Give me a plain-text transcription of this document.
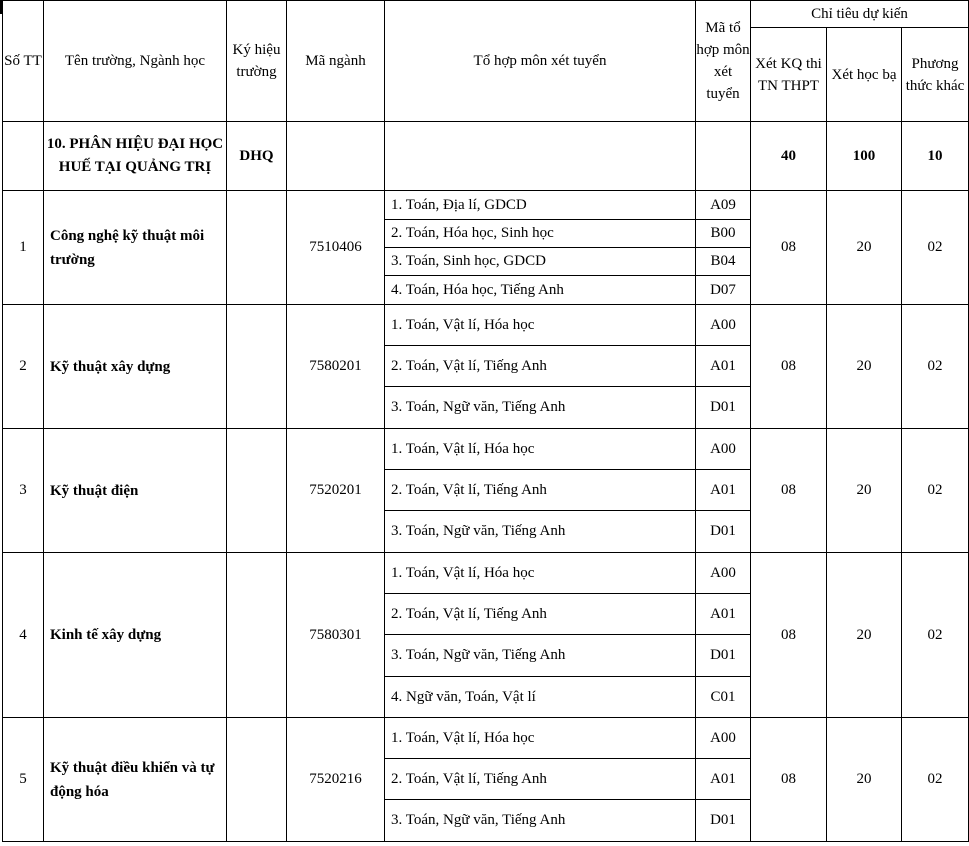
Số TT	Tên trường, Ngành học	Ký hiệu trường	Mã ngành	Tổ hợp môn xét tuyển	Mã tổ hợp môn xét tuyển	Chỉ tiêu dự kiến		
						Xét KQ thi TN THPT	Xét học bạ	Phương thức khác
	10. PHÂN HIỆU ĐẠI HỌC HUẾ TẠI QUẢNG TRỊ	DHQ				40	100	10
1	Công nghệ kỹ thuật môi trường		7510406	1. Toán, Địa lí, GDCD	A09	08	20	02
				2. Toán, Hóa học, Sinh học	B00			
				3. Toán, Sinh học, GDCD	B04			
				4. Toán, Hóa học, Tiếng Anh	D07			
2	Kỹ thuật xây dựng		7580201	1. Toán, Vật lí, Hóa học	A00	08	20	02
				2. Toán, Vật lí, Tiếng Anh	A01			
				3. Toán, Ngữ văn, Tiếng Anh	D01			
3	Kỹ thuật điện		7520201	1. Toán, Vật lí, Hóa học	A00	08	20	02
				2. Toán, Vật lí, Tiếng Anh	A01			
				3. Toán, Ngữ văn, Tiếng Anh	D01			
4	Kinh tế xây dựng		7580301	1. Toán, Vật lí, Hóa học	A00	08	20	02
				2. Toán, Vật lí, Tiếng Anh	A01			
				3. Toán, Ngữ văn, Tiếng Anh	D01			
				4. Ngữ văn, Toán, Vật lí	C01			
5	Kỹ thuật điều khiển và tự động hóa		7520216	1. Toán, Vật lí, Hóa học	A00	08	20	02
				2. Toán, Vật lí, Tiếng Anh	A01			
				3. Toán, Ngữ văn, Tiếng Anh	D01			
